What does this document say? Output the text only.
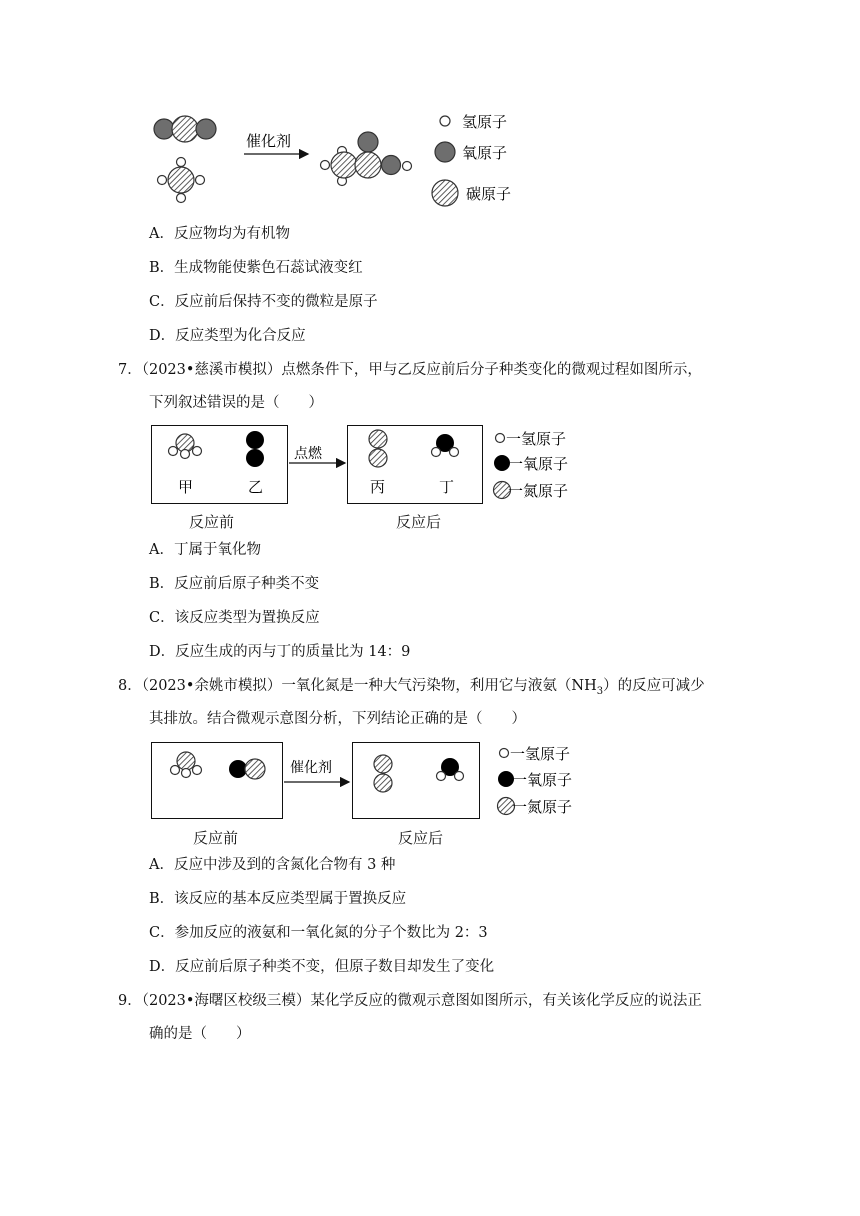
催化剂
氢原子
氧原子
碳原子
A．反应物均为有机物
B．生成物能使紫色石蕊试液变红
C．反应前后保持不变的微粒是原子
D．反应类型为化合反应
7．（2023•慈溪市模拟）点燃条件下，甲与乙反应前后分子种类变化的微观过程如图所示，
下列叙述错误的是（　　）
甲	乙
点燃
丙	丁
一氢原子
一氧原子
一氮原子
反应前	反应后
A．丁属于氧化物
B．反应前后原子种类不变
C．该反应类型为置换反应
D．反应生成的丙与丁的质量比为 14：9
8．（2023•余姚市模拟）一氧化氮是一种大气污染物，利用它与液氨$(NH_3)$的反应可减少
其排放。结合微观示意图分析，下列结论正确的是（　　）
催化剂
一氢原子
一氧原子
一氮原子
反应前	反应后
A．反应中涉及到的含氮化合物有 3 种
B．该反应的基本反应类型属于置换反应
C．参加反应的液氨和一氧化氮的分子个数比为 2：3
D．反应前后原子种类不变，但原子数目却发生了变化
9．（2023•海曙区校级三模）某化学反应的微观示意图如图所示，有关该化学反应的说法正
确的是（　　）
